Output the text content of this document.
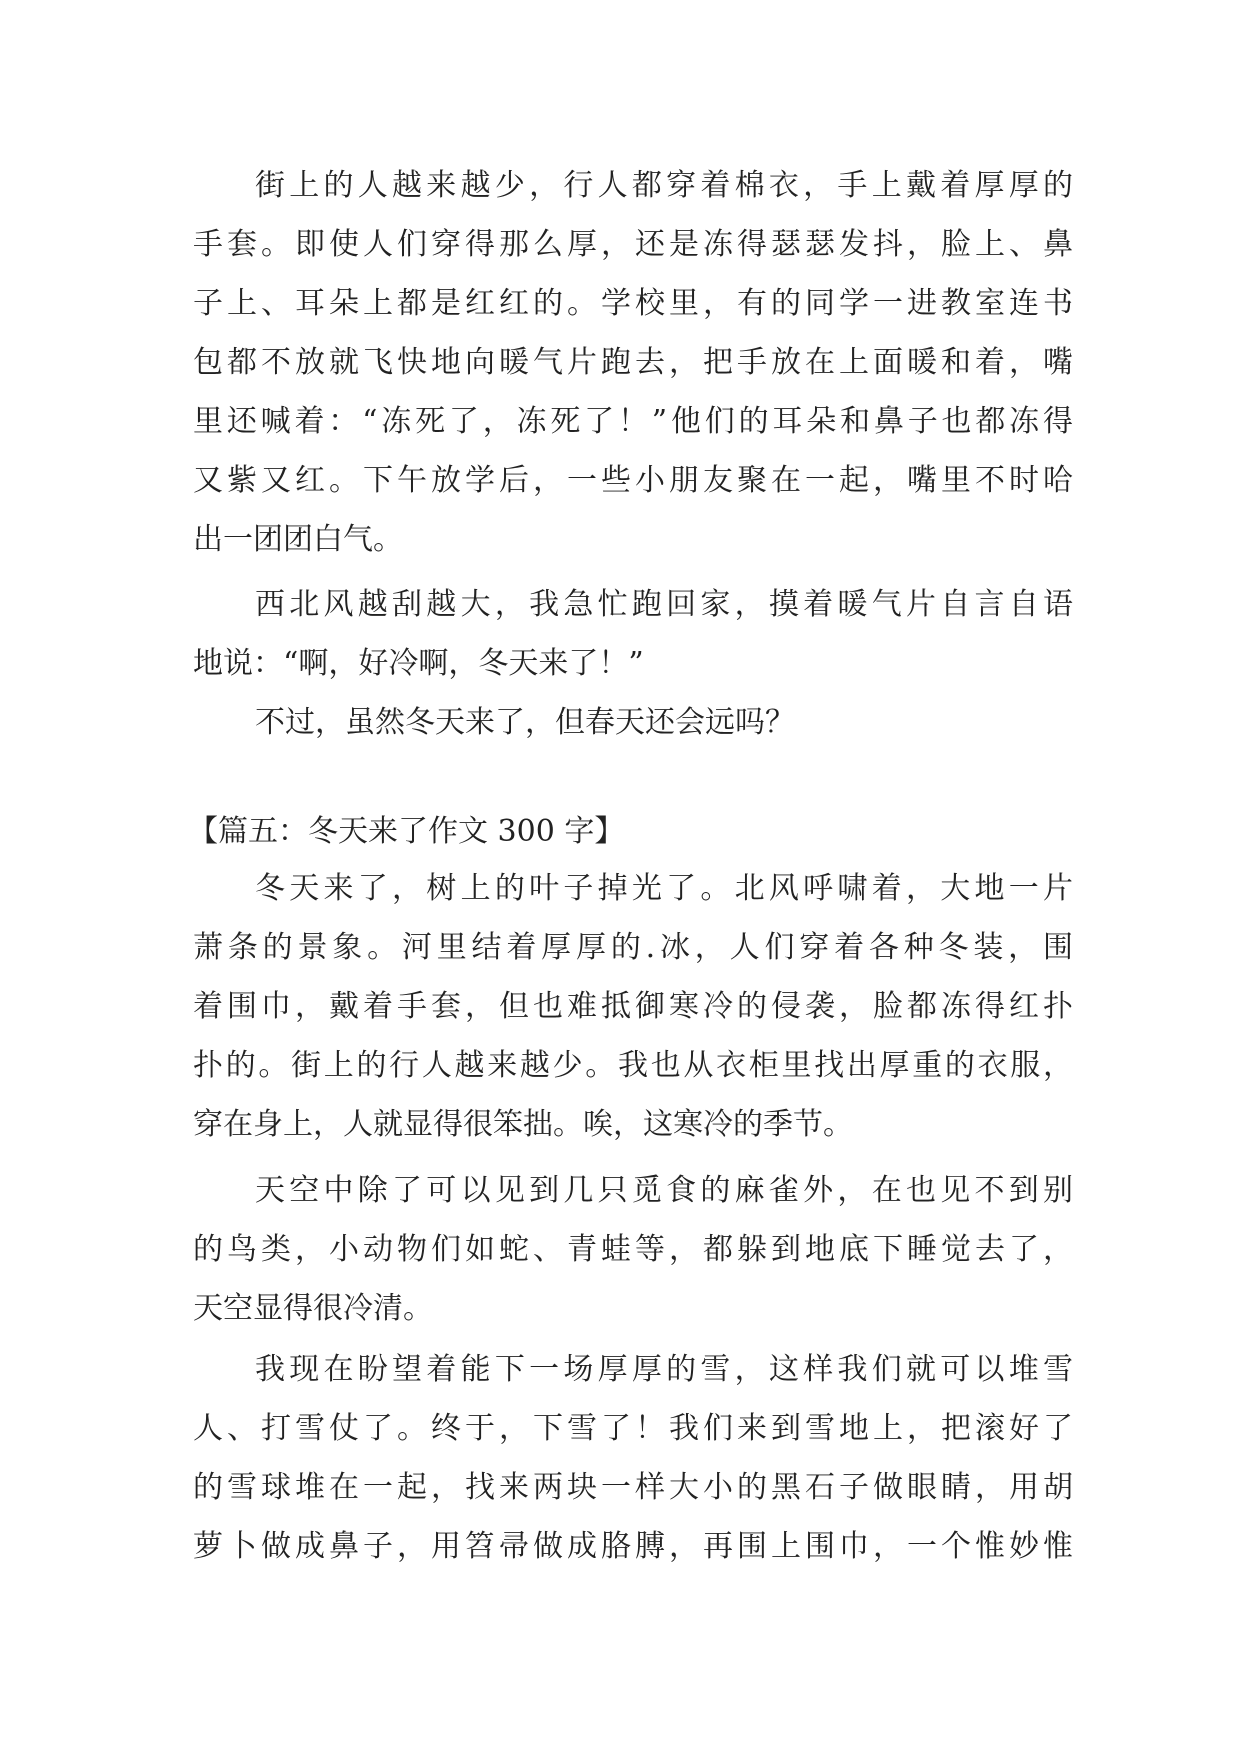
街上的人越来越少，行人都穿着棉衣，手上戴着厚厚的
手套。即使人们穿得那么厚，还是冻得瑟瑟发抖，脸上、鼻
子上、耳朵上都是红红的。学校里，有的同学一进教室连书
包都不放就飞快地向暖气片跑去，把手放在上面暖和着，嘴
里还喊着：“冻死了，冻死了！”他们的耳朵和鼻子也都冻得
又紫又红。下午放学后，一些小朋友聚在一起，嘴里不时哈
出一团团白气。
西北风越刮越大，我急忙跑回家，摸着暖气片自言自语
地说：“啊，好冷啊，冬天来了！”
不过，虽然冬天来了，但春天还会远吗？
【篇五：冬天来了作文 300 字】
冬天来了，树上的叶子掉光了。北风呼啸着，大地一片
萧条的景象。河里结着厚厚的.冰，人们穿着各种冬装，围
着围巾，戴着手套，但也难抵御寒冷的侵袭，脸都冻得红扑
扑的。街上的行人越来越少。我也从衣柜里找出厚重的衣服，
穿在身上，人就显得很笨拙。唉，这寒冷的季节。
天空中除了可以见到几只觅食的麻雀外，在也见不到别
的鸟类，小动物们如蛇、青蛙等，都躲到地底下睡觉去了，
天空显得很冷清。
我现在盼望着能下一场厚厚的雪，这样我们就可以堆雪
人、打雪仗了。终于，下雪了！我们来到雪地上，把滚好了
的雪球堆在一起，找来两块一样大小的黑石子做眼睛，用胡
萝卜做成鼻子，用笤帚做成胳膊，再围上围巾，一个惟妙惟
